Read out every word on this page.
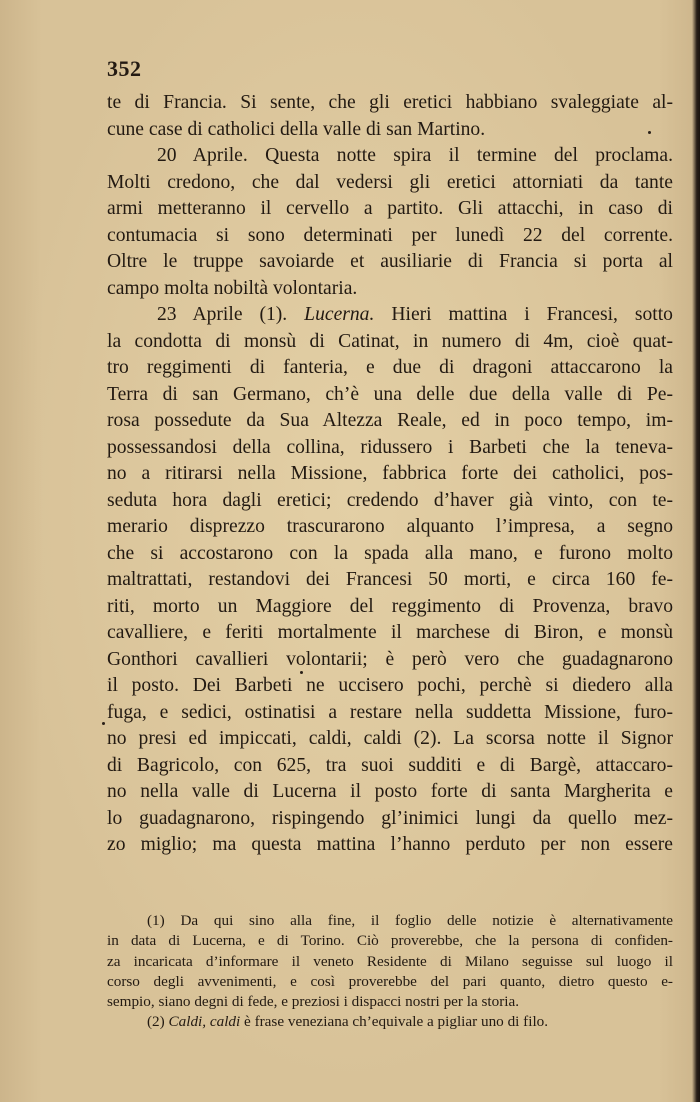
352
te di Francia. Si sente, che gli eretici habbiano svaleggiate al-
cune case di catholici della valle di san Martino.
20 Aprile. Questa notte spira il termine del proclama.
Molti credono, che dal vedersi gli eretici attorniati da tante
armi metteranno il cervello a partito. Gli attacchi, in caso di
contumacia si sono determinati per lunedì 22 del corrente.
Oltre le truppe savoiarde et ausiliarie di Francia si porta al
campo molta nobiltà volontaria.
23 Aprile (1). Lucerna. Hieri mattina i Francesi, sotto
la condotta di monsù di Catinat, in numero di 4m, cioè quat-
tro reggimenti di fanteria, e due di dragoni attaccarono la
Terra di san Germano, ch’è una delle due della valle di Pe-
rosa possedute da Sua Altezza Reale, ed in poco tempo, im-
possessandosi della collina, ridussero i Barbeti che la teneva-
no a ritirarsi nella Missione, fabbrica forte dei catholici, pos-
seduta hora dagli eretici; credendo d’haver già vinto, con te-
merario disprezzo trascurarono alquanto l’impresa, a segno
che si accostarono con la spada alla mano, e furono molto
maltrattati, restandovi dei Francesi 50 morti, e circa 160 fe-
riti, morto un Maggiore del reggimento di Provenza, bravo
cavalliere, e feriti mortalmente il marchese di Biron, e monsù
Gonthori cavallieri volontarii; è però vero che guadagnarono
il posto. Dei Barbeti ne uccisero pochi, perchè si diedero alla
fuga, e sedici, ostinatisi a restare nella suddetta Missione, furo-
no presi ed impiccati, caldi, caldi (2). La scorsa notte il Signor
di Bagricolo, con 625, tra suoi sudditi e di Bargè, attaccaro-
no nella valle di Lucerna il posto forte di santa Margherita e
lo guadagnarono, rispingendo gl’inimici lungi da quello mez-
zo miglio; ma questa mattina l’hanno perduto per non essere
(1) Da qui sino alla fine, il foglio delle notizie è alternativamente
in data di Lucerna, e di Torino. Ciò proverebbe, che la persona di confiden-
za incaricata d’informare il veneto Residente di Milano seguisse sul luogo il
corso degli avvenimenti, e così proverebbe del pari quanto, dietro questo e-
sempio, siano degni di fede, e preziosi i dispacci nostri per la storia.
(2) Caldi, caldi è frase veneziana ch’equivale a pigliar uno di filo.
